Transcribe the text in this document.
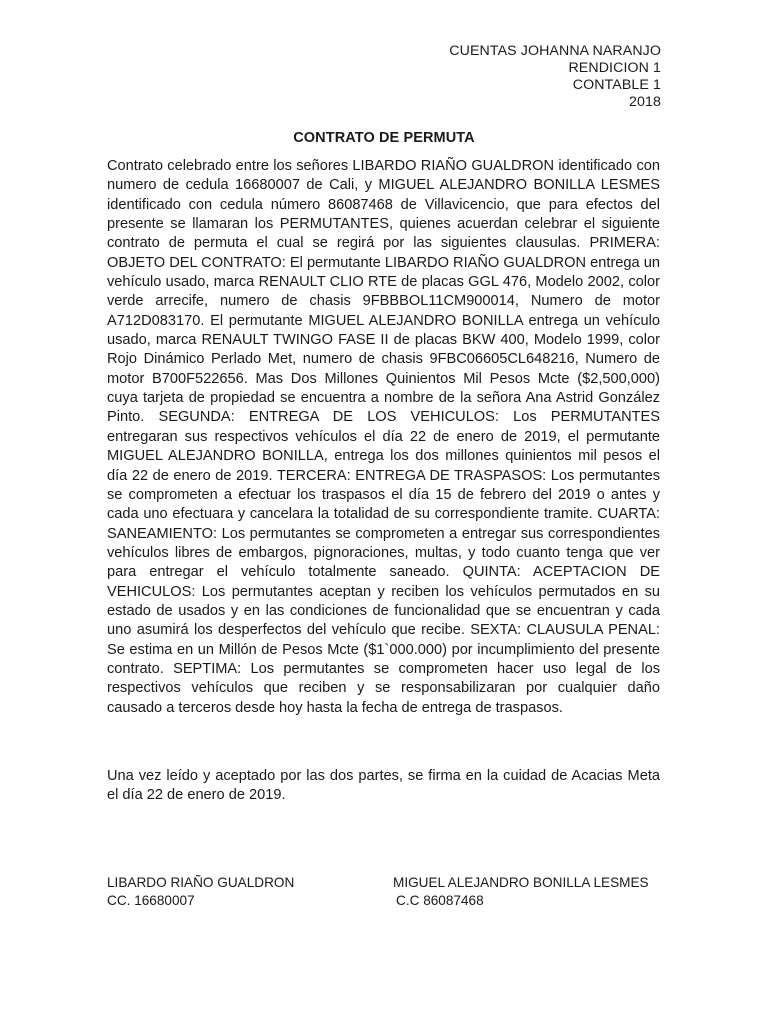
CUENTAS JOHANNA NARANJO
RENDICION 1
CONTABLE 1
2018
CONTRATO DE PERMUTA

Contrato celebrado entre los señores LIBARDO RIAÑO GUALDRON identificado con numero de cedula 16680007 de Cali, y MIGUEL ALEJANDRO BONILLA LESMES identificado con cedula número 86087468 de Villavicencio, que para efectos del presente se llamaran los PERMUTANTES, quienes acuerdan celebrar el siguiente contrato de permuta el cual se regirá por las siguientes clausulas. PRIMERA: OBJETO DEL CONTRATO: El permutante LIBARDO RIAÑO GUALDRON entrega un vehículo usado, marca RENAULT CLIO RTE de placas GGL 476, Modelo 2002, color verde arrecife, numero de chasis 9FBBBOL11CM900014, Numero de motor A712D083170. El permutante MIGUEL ALEJANDRO BONILLA entrega un vehículo usado, marca RENAULT TWINGO FASE II de placas BKW 400, Modelo 1999, color Rojo Dinámico Perlado Met, numero de chasis 9FBC06605CL648216, Numero de motor B700F522656. Mas Dos Millones Quinientos Mil Pesos Mcte ($2,500,000) cuya tarjeta de propiedad se encuentra a nombre de la señora Ana Astrid González Pinto. SEGUNDA: ENTREGA DE LOS VEHICULOS: Los PERMUTANTES entregaran sus respectivos vehículos el día 22 de enero de 2019, el permutante MIGUEL ALEJANDRO BONILLA, entrega los dos millones quinientos mil pesos el día 22 de enero de 2019. TERCERA: ENTREGA DE TRASPASOS: Los permutantes se comprometen a efectuar los traspasos el día 15 de febrero del 2019 o antes y cada uno efectuara y cancelara la totalidad de su correspondiente tramite. CUARTA: SANEAMIENTO: Los permutantes se comprometen a entregar sus correspondientes vehículos libres de embargos, pignoraciones, multas, y todo cuanto tenga que ver para entregar el vehículo totalmente saneado. QUINTA: ACEPTACION DE VEHICULOS: Los permutantes aceptan y reciben los vehículos permutados en su estado de usados y en las condiciones de funcionalidad que se encuentran y cada uno asumirá los desperfectos del vehículo que recibe. SEXTA: CLAUSULA PENAL: Se estima en un Millón de Pesos Mcte ($1`000.000) por incumplimiento del presente contrato. SEPTIMA: Los permutantes se comprometen hacer uso legal de los respectivos vehículos que reciben y se responsabilizaran por cualquier daño causado a terceros desde hoy hasta la fecha de entrega de traspasos.

Una vez leído y aceptado por las dos partes, se firma en la cuidad de Acacias Meta el día 22 de enero de 2019.

LIBARDO RIAÑO GUALDRON
CC. 16680007
MIGUEL ALEJANDRO BONILLA LESMES
C.C 86087468
